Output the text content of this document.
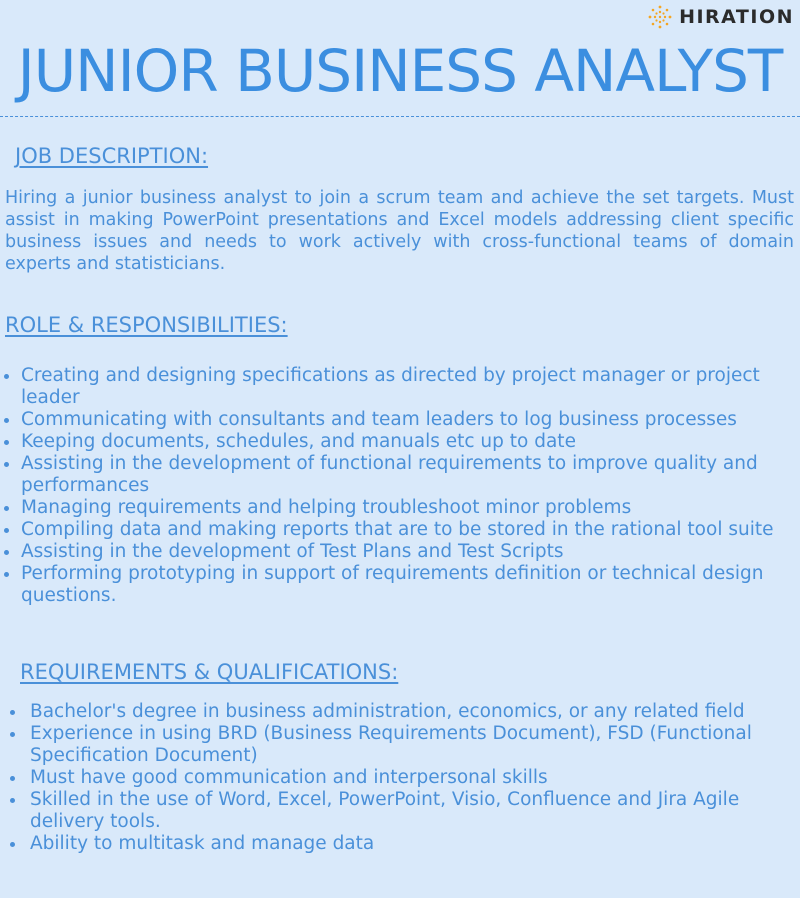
HIRATION
JUNIOR BUSINESS ANALYST
JOB DESCRIPTION:

Hiring a junior business analyst to join a scrum team and achieve the set targets. Must assist in making PowerPoint presentations and Excel models addressing client specific business issues and needs to work actively with cross-functional teams of domain experts and statisticians.

ROLE & RESPONSIBILITIES:
Creating and designing specifications as directed by project manager or project leader
Communicating with consultants and team leaders to log business processes
Keeping documents, schedules, and manuals etc up to date
Assisting in the development of functional requirements to improve quality and performances
Managing requirements and helping troubleshoot minor problems
Compiling data and making reports that are to be stored in the rational tool suite
Assisting in the development of Test Plans and Test Scripts
Performing prototyping in support of requirements definition or technical design questions.
REQUIREMENTS & QUALIFICATIONS:
Bachelor's degree in business administration, economics, or any related field
Experience in using BRD (Business Requirements Document), FSD (Functional Specification Document)
Must have good communication and interpersonal skills
Skilled in the use of Word, Excel, PowerPoint, Visio, Confluence and Jira Agile delivery tools.
Ability to multitask and manage data
